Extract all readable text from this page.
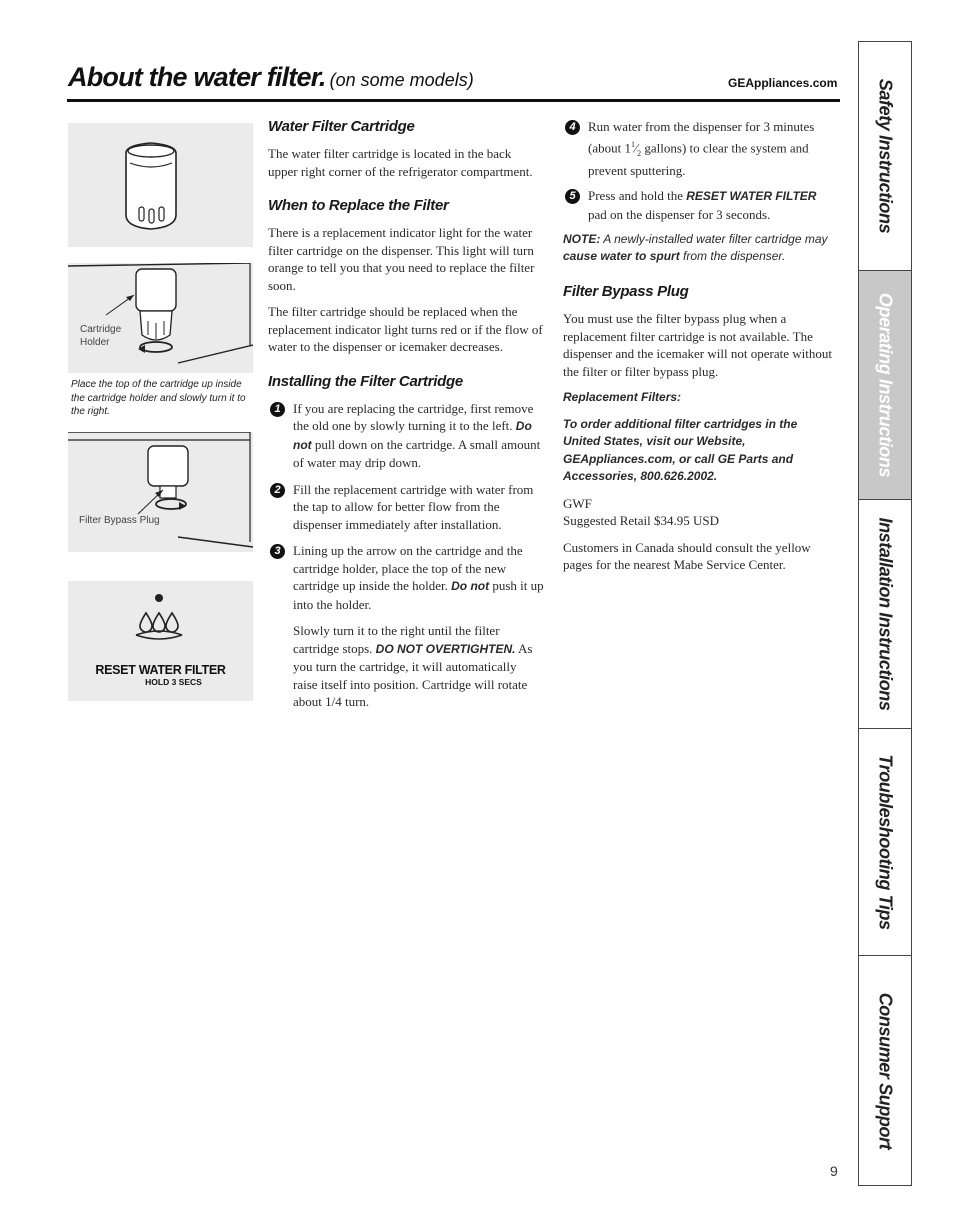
About the water filter. (on some models)	GEAppliances.com
Cartridge
Holder
Place the top of the cartridge up inside the cartridge holder and slowly turn it to the right.
Filter Bypass Plug
RESET WATER FILTER
HOLD 3 SECS
Water Filter Cartridge

The water filter cartridge is located in the back upper right corner of the refrigerator compartment.

When to Replace the Filter

There is a replacement indicator light for the water filter cartridge on the dispenser. This light will turn orange to tell you that you need to replace the filter soon.

The filter cartridge should be replaced when the replacement indicator light turns red or if the flow of water to the dispenser or icemaker decreases.

Installing the Filter Cartridge
1 If you are replacing the cartridge, first remove the old one by slowly turning it to the left. Do not pull down on the cartridge. A small amount of water may drip down.

2 Fill the replacement cartridge with water from the tap to allow for better flow from the dispenser immediately after installation.

3 Lining up the arrow on the cartridge and the cartridge holder, place the top of the new cartridge up inside the holder. Do not push it up into the holder.

Slowly turn it to the right until the filter cartridge stops. DO NOT OVERTIGHTEN. As you turn the cartridge, it will automatically raise itself into position. Cartridge will rotate about 1/4 turn.

4 Run water from the dispenser for 3 minutes (about $1^1⁄_2$ gallons) to clear the system and prevent sputtering.

5 Press and hold the RESET WATER FILTER pad on the dispenser for 3 seconds.

NOTE: A newly-installed water filter cartridge may cause water to spurt from the dispenser.

Filter Bypass Plug

You must use the filter bypass plug when a replacement filter cartridge is not available. The dispenser and the icemaker will not operate without the filter or filter bypass plug.

Replacement Filters:

To order additional filter cartridges in the United States, visit our Website, GEAppliances.com, or call GE Parts and Accessories, 800.626.2002.

GWF

Suggested Retail $34.95 USD

Customers in Canada should consult the yellow pages for the nearest Mabe Service Center.

Safety Instructions
Operating Instructions
Installation Instructions
Troubleshooting Tips
Consumer Support
9
